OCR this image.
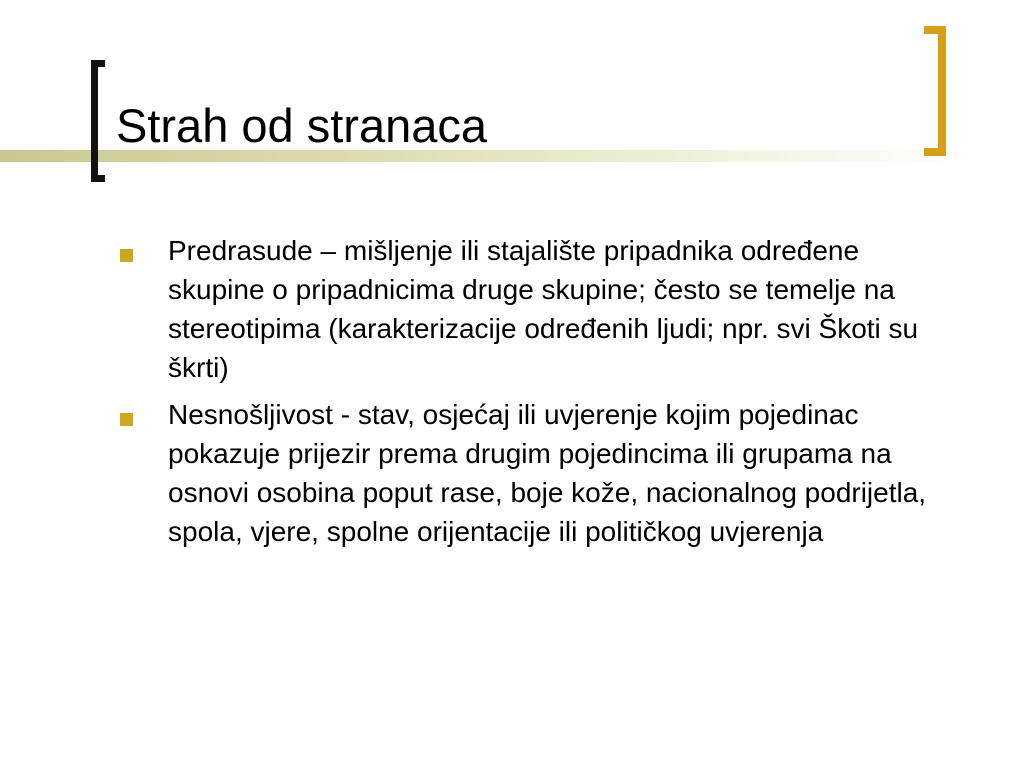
Strah od stranaca
Predrasude – mišljenje ili stajalište pripadnika određene skupine o pripadnicima druge skupine; često se temelje na stereotipima (karakterizacije određenih ljudi; npr. svi Škoti su škrti)
Nesnošljivost - stav, osjećaj ili uvjerenje kojim pojedinac pokazuje prijezir prema drugim pojedincima ili grupama na osnovi osobina poput rase, boje kože, nacionalnog podrijetla, spola, vjere, spolne orijentacije ili političkog uvjerenja
